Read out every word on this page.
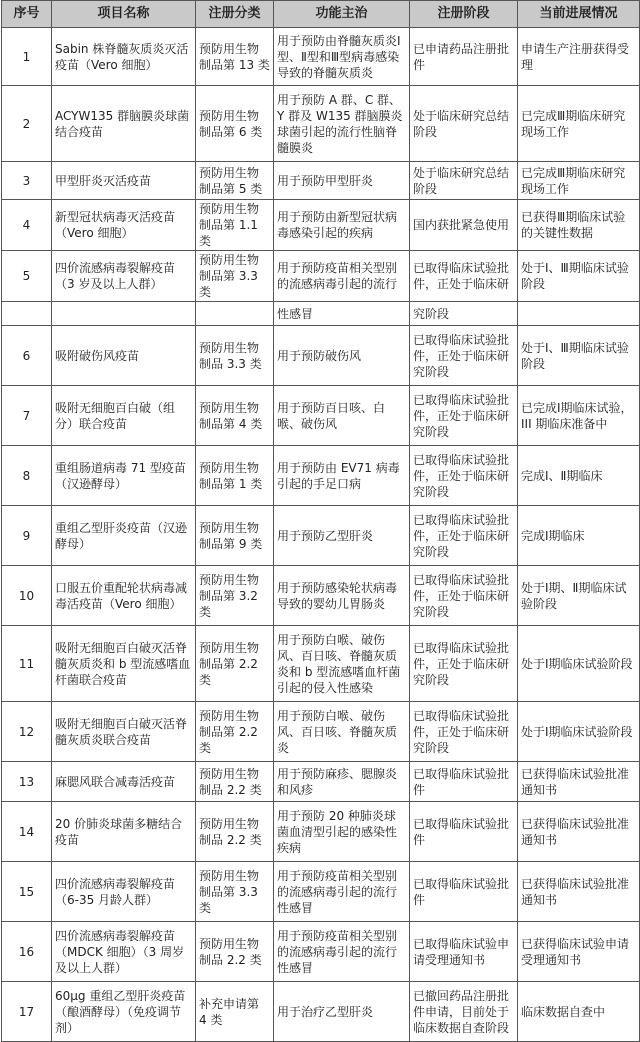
序号	项目名称	注册分类	功能主治	注册阶段	当前进展情况
1	Sabin 株脊髓灰质炎灭活疫苗（Vero 细胞）	预防用生物制品第 13 类	用于预防由脊髓灰质炎Ⅰ型、Ⅱ型和Ⅲ型病毒感染导致的脊髓灰质炎	已申请药品注册批件	申请生产注册获得受理
2	ACYW135 群脑膜炎球菌结合疫苗	预防用生物制品第 6 类	用于预防 A 群、C 群、Y 群及 W135 群脑膜炎球菌引起的流行性脑脊髓膜炎	处于临床研究总结阶段	已完成Ⅲ期临床研究现场工作
3	甲型肝炎灭活疫苗	预防用生物制品第 5 类	用于预防甲型肝炎	处于临床研究总结阶段	已完成Ⅲ期临床研究现场工作
4	新型冠状病毒灭活疫苗（Vero 细胞）	预防用生物制品第 1.1 类	用于预防由新型冠状病毒感染引起的疾病	国内获批紧急使用	已获得Ⅲ期临床试验的关键性数据
5	四价流感病毒裂解疫苗（3 岁及以上人群）	预防用生物制品第 3.3 类	用于预防疫苗相关型别的流感病毒引起的流行	已取得临床试验批件，正处于临床研	处于Ⅰ、Ⅲ期临床试验阶段
			性感冒	究阶段	
6	吸附破伤风疫苗	预防用生物制品 3.3 类	用于预防破伤风	已取得临床试验批件，正处于临床研究阶段	处于Ⅰ、Ⅲ期临床试验阶段
7	吸附无细胞百白破（组分）联合疫苗	预防用生物制品第 4 类	用于预防百日咳、白喉、破伤风	已取得临床试验批件，正处于临床研究阶段	已完成Ⅰ期临床试验，III 期临床准备中
8	重组肠道病毒 71 型疫苗（汉逊酵母）	预防用生物制品第 1 类	用于预防由 EV71 病毒引起的手足口病	已取得临床试验批件，正处于临床研究阶段	完成Ⅰ、Ⅱ期临床
9	重组乙型肝炎疫苗（汉逊酵母）	预防用生物制品第 9 类	用于预防乙型肝炎	已取得临床试验批件，正处于临床研究阶段	完成Ⅰ期临床
10	口服五价重配轮状病毒减毒活疫苗（Vero 细胞）	预防用生物制品第 3.2 类	用于预防感染轮状病毒导致的婴幼儿胃肠炎	已取得临床试验批件，正处于临床研究阶段	处于Ⅰ期、Ⅱ期临床试验阶段
11	吸附无细胞百白破灭活脊髓灰质炎和 b 型流感嗜血杆菌联合疫苗	预防用生物制品第 2.2 类	用于预防白喉、破伤风、百日咳、脊髓灰质炎和 b 型流感嗜血杆菌引起的侵入性感染	已取得临床试验批件，正处于临床研究阶段	处于Ⅰ期临床试验阶段
12	吸附无细胞百白破灭活脊髓灰质炎联合疫苗	预防用生物制品第 2.2 类	用于预防白喉、破伤风、百日咳、脊髓灰质炎	已取得临床试验批件，正处于临床研究阶段	处于Ⅰ期临床试验阶段
13	麻腮风联合减毒活疫苗	预防用生物制品 2.2 类	用于预防麻疹、腮腺炎和风疹	已取得临床试验批件	已获得临床试验批准通知书
14	20 价肺炎球菌多糖结合疫苗	预防用生物制品 2.2 类	用于预防 20 种肺炎球菌血清型引起的感染性疾病	已取得临床试验批件	已获得临床试验批准通知书
15	四价流感病毒裂解疫苗（6-35 月龄人群）	预防用生物制品第 3.3 类	用于预防疫苗相关型别的流感病毒引起的流行性感冒	已取得临床试验批件	已获得临床试验批准通知书
16	四价流感病毒裂解疫苗（MDCK 细胞）（3 周岁及以上人群）	预防用生物制品 2.2 类	用于预防疫苗相关型别的流感病毒引起的流行性感冒	已取得临床试验申请受理通知书	已获得临床试验申请受理通知书
17	60μg 重组乙型肝炎疫苗（酿酒酵母）（免疫调节剂）	补充申请第 4 类	用于治疗乙型肝炎	已撤回药品注册批件申请，目前处于临床数据自查阶段	临床数据自查中
